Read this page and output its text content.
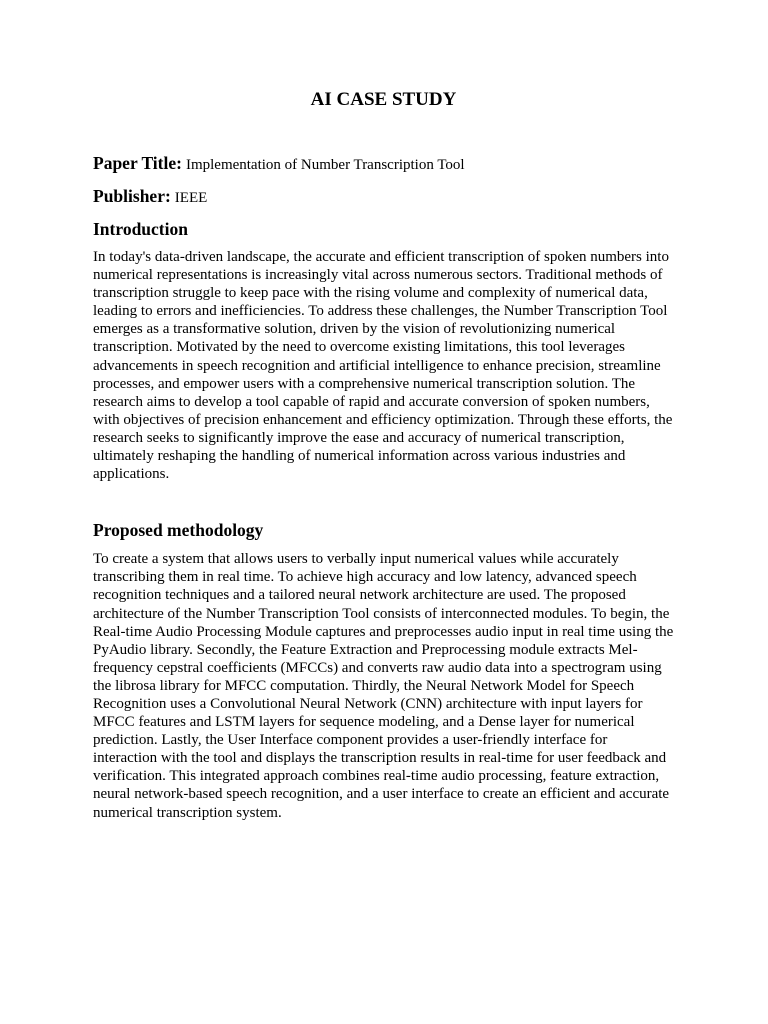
AI CASE STUDY

Paper Title: Implementation of Number Transcription Tool

Publisher: IEEE

Introduction

In today's data-driven landscape, the accurate and efficient transcription of spoken numbers into numerical representations is increasingly vital across numerous sectors. Traditional methods of transcription struggle to keep pace with the rising volume and complexity of numerical data, leading to errors and inefficiencies. To address these challenges, the Number Transcription Tool emerges as a transformative solution, driven by the vision of revolutionizing numerical transcription. Motivated by the need to overcome existing limitations, this tool leverages advancements in speech recognition and artificial intelligence to enhance precision, streamline processes, and empower users with a comprehensive numerical transcription solution. The research aims to develop a tool capable of rapid and accurate conversion of spoken numbers, with objectives of precision enhancement and efficiency optimization. Through these efforts, the research seeks to significantly improve the ease and accuracy of numerical transcription, ultimately reshaping the handling of numerical information across various industries and applications.

Proposed methodology

To create a system that allows users to verbally input numerical values while accurately transcribing them in real time. To achieve high accuracy and low latency, advanced speech recognition techniques and a tailored neural network architecture are used. The proposed architecture of the Number Transcription Tool consists of interconnected modules. To begin, the Real-time Audio Processing Module captures and preprocesses audio input in real time using the PyAudio library. Secondly, the Feature Extraction and Preprocessing module extracts Mel-frequency cepstral coefficients (MFCCs) and converts raw audio data into a spectrogram using the librosa library for MFCC computation. Thirdly, the Neural Network Model for Speech Recognition uses a Convolutional Neural Network (CNN) architecture with input layers for MFCC features and LSTM layers for sequence modeling, and a Dense layer for numerical prediction. Lastly, the User Interface component provides a user-friendly interface for interaction with the tool and displays the transcription results in real-time for user feedback and verification. This integrated approach combines real-time audio processing, feature extraction, neural network-based speech recognition, and a user interface to create an efficient and accurate numerical transcription system.
